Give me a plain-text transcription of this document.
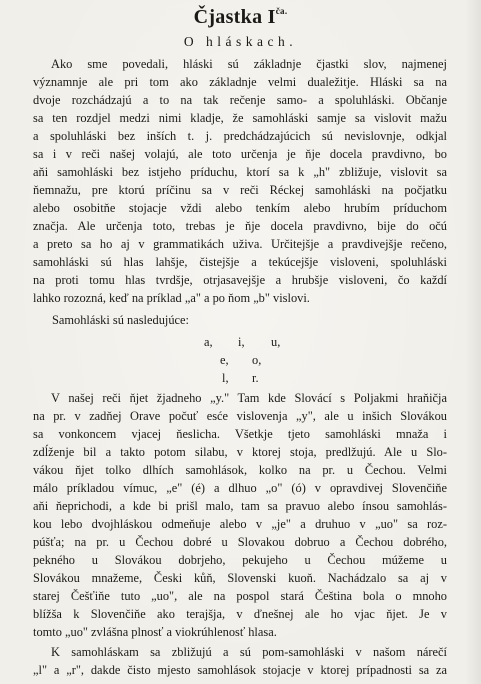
Čjastka $I^{ča.}$
O hláskach.
Ako sme povedali, hláski sú základnje čjastki slov, najmenej
významnje ale pri tom ako základnje velmi dualežitje. Hláski sa na
dvoje rozchádzajú a to na tak rečenje samo- a spoluhláski. Občanje
sa ten rozdjel medzi nimi kladje, že samohláski samje sa vislovit mažu
a spoluhláski bez inších t. j. predchádzajúcich sú nevislovnje, odkjal
sa i v reči našej volajú, ale toto určenja je ňje docela pravdivno, bo
aňi samohláski bez istjeho príduchu, ktorí sa k „h" zbližuje, vislovit sa
ňemnažu, pre ktorú príčinu sa v reči Réckej samohláski na počjatku
alebo osobitňe stojacje vždi alebo tenkím alebo hrubím príduchom
značja. Ale určenja toto, trebas je ňje docela pravdivno, bije do očú
a preto sa ho aj v grammatikách uživa. Určitejšje a pravdivejšje rečeno,
samohláski sú hlas lahšje, čistejšje a tekúcejšje visloveni, spoluhláski
na proti tomu hlas tvrdšje, otrjasavejšje a hrubšje visloveni, čo každí
lahko rozozná, keď na príklad „a" a po ňom „b" vislovi.
Samohláski sú nasledujúce:
a, i, u,
e, o,
l, r.
V našej reči ňjet žjadneho „y." Tam kde Slovácí s Poljakmi hraňičja
na pr. v zadňej Orave počuť esće vislovenja „y", ale u inšich Slovákou
sa vonkoncem vjacej ňeslicha. Všetkje tjeto samohláski mnaža i
zdĺženje bil a takto potom silabu, v ktorej stoja, predlžujú. Ale u Slo-
vákou ňjet tolko dlhích samohlások, kolko na pr. u Čechou. Velmi
málo príkladou vímuc, „e" (é) a dlhuo „o" (ó) v opravdivej Slovenčiňe
aňi ňeprichodi, a kde bi prišl malo, tam sa pravuo alebo ínsou samohlás-
kou lebo dvojhláskou odmeňuje alebo v „je" a druhuo v „uo" sa roz-
púšťa; na pr. u Čechou dobré u Slovakou dobruo a Čechou dobrého,
pekného u Slovákou dobrjeho, pekujeho u Čechou múžeme u
Slovákou mnažeme, Česki kůň, Slovenski kuoň. Nachádzalo sa aj v
starej Češťiňe tuto „uo", ale na pospol stará Čeština bola o mnoho
blížša k Slovenčiňe ako terajšja, v ďnešnej ale ho vjac ňjet. Je v
tomto „uo" zvlášna plnosť a viokrúhlenosť hlasa.
K samohláskam sa zbližujú a sú pom-samohláski v našom nárečí
„l" a „r", dakde čisto mjesto samohlások stojacje v ktorej prípadnosti sa za
